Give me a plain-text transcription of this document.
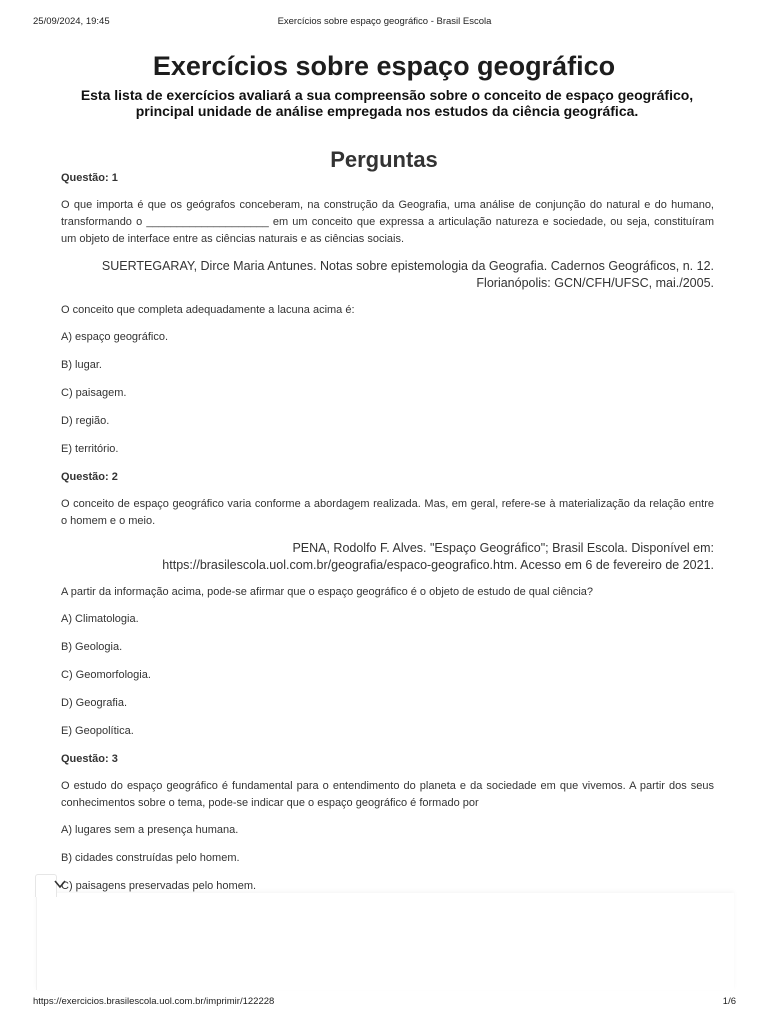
25/09/2024, 19:45	Exercícios sobre espaço geográfico - Brasil Escola
Exercícios sobre espaço geográfico
Esta lista de exercícios avaliará a sua compreensão sobre o conceito de espaço geográfico,
principal unidade de análise empregada nos estudos da ciência geográfica.
Perguntas

Questão: 1

O que importa é que os geógrafos conceberam, na construção da Geografia, uma análise de conjunção do natural e do humano, transformando o ____________________ em um conceito que expressa a articulação natureza e sociedade, ou seja, constituíram um objeto de interface entre as ciências naturais e as ciências sociais.

SUERTEGARAY, Dirce Maria Antunes. Notas sobre epistemologia da Geografia. Cadernos Geográficos, n. 12.
Florianópolis: GCN/CFH/UFSC, mai./2005.

O conceito que completa adequadamente a lacuna acima é:

A) espaço geográfico.

B) lugar.

C) paisagem.

D) região.

E) território.

Questão: 2

O conceito de espaço geográfico varia conforme a abordagem realizada. Mas, em geral, refere-se à materialização da relação entre o homem e o meio.

PENA, Rodolfo F. Alves. "Espaço Geográfico"; Brasil Escola. Disponível em:
https://brasilescola.uol.com.br/geografia/espaco-geografico.htm. Acesso em 6 de fevereiro de 2021.

A partir da informação acima, pode-se afirmar que o espaço geográfico é o objeto de estudo de qual ciência?

A) Climatologia.

B) Geologia.

C) Geomorfologia.

D) Geografia.

E) Geopolítica.

Questão: 3

O estudo do espaço geográfico é fundamental para o entendimento do planeta e da sociedade em que vivemos. A partir dos seus conhecimentos sobre o tema, pode-se indicar que o espaço geográfico é formado por

A) lugares sem a presença humana.

B) cidades construídas pelo homem.

C) paisagens preservadas pelo homem.

https://exercicios.brasilescola.uol.com.br/imprimir/122228	1/6
